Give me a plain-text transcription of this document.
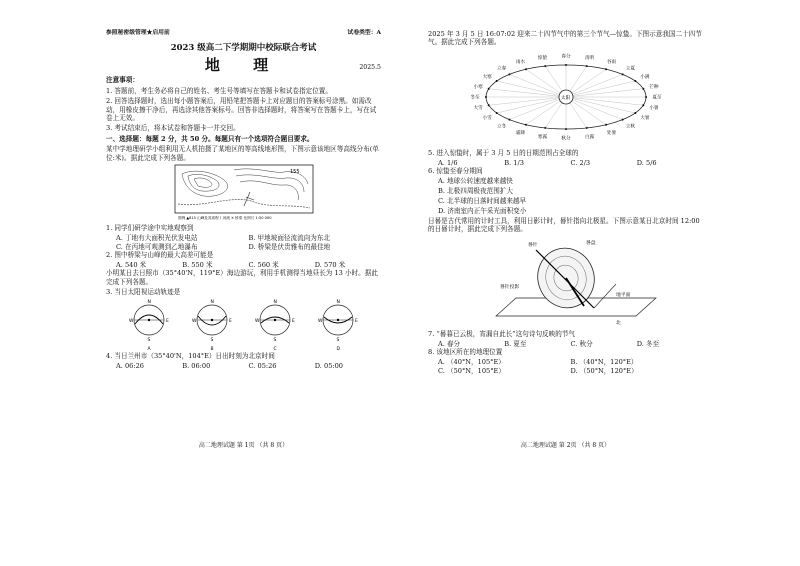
参照秘密级管理★启用前	试卷类型：A
2023 级高二下学期期中校际联合考试
地 理	2025.5

注意事项：

1. 答题前，考生务必将自己的姓名、考生号等填写在答题卡和试卷指定位置。

2. 回答选择题时，选出每小题答案后，用铅笔把答题卡上对应题目的答案标号涂黑。如需改动，用橡皮擦干净后，再选涂其他答案标号。回答非选择题时，将答案写在答题卡上，写在试卷上无效。

3. 考试结束后，将本试卷和答题卡一并交回。

一、选择题：每题 2 分，共 50 分。每题只有一个选项符合题目要求。

某中学地理研学小组利用无人机拍摄了某地区的等高线地形图，下图示意该地区等高线分布(单位:米)。据此完成下列各题。

155
图例 ▲815 山峰及其高程 ⌇ 河流 ✕ 桥梁 比例尺 1:50 000

1. 同学们研学途中实地观察到

A. 丁地有大面积光伏发电站	B. 甲地坡面径流流向为东北
C. 在丙地可观测到乙地瀑布	D. 桥梁是伏贵雅布的最佳地

2. 图中桥梁与山峰的最大高差可能是

A. 540 米	B. 550 米	C. 560 米	D. 570 米

小明某日去日照市（35°40'N，119°E）海边游玩，利用手机测得当地昼长为 13 小时。据此完成下列各题。

3. 当日太阳视运动轨迹是

N
S
W	E
A
N
S
W	E
B
N
S
W	E
C
N
S
W	E
D

4. 当日兰州市（35°40'N，104°E）日出时刻为北京时间

A. 06:26	B. 06:00	C. 05:26	D. 05:00
高二地理试题 第 1页 （共 8 页）

2025 年 3 月 5 日 16:07:02 迎来二十四节气中的第三个节气—惊蛰。下图示意我国二十四节气。据此完成下列各题。

春分	清明
谷雨
立夏
小满
芒种
夏至
小暑
大暑
立秋
处暑
白露
秋分
寒露
霜降
立冬
小雪
大雪
冬至
小寒
大寒
立春
雨水
惊蛰
太阳

5. 进入惊蛰时，属于 3 月 5 日的日期范围占全球的

A. 1/6	B. 1/3	C. 2/3	D. 5/6

6. 惊蛰至春分期间

A. 地球公转速度越来越快

B. 北极四周极夜范围扩大

C. 北半球的日落时间越来越早

D. 济南室内正午采光面积变小

日晷是古代常用的计时工具，利用日影计时，晷针指向北极星。下图示意某日北京时间 12:00 的日晷计时，据此完成下列各题。

晷针	晷盘
晷针投影
地平面
北

7. “晷暮已云极，宵漏自此长”这句诗句反映的节气

A. 春分	B. 夏至	C. 秋分	D. 冬至

8. 该地区所在的地理位置

A. （40°N，105°E）	B. （40°N，120°E）
C. （50°N，105°E）	D. （50°N，120°E）
高二地理试题 第 2页 （共 8 页）
